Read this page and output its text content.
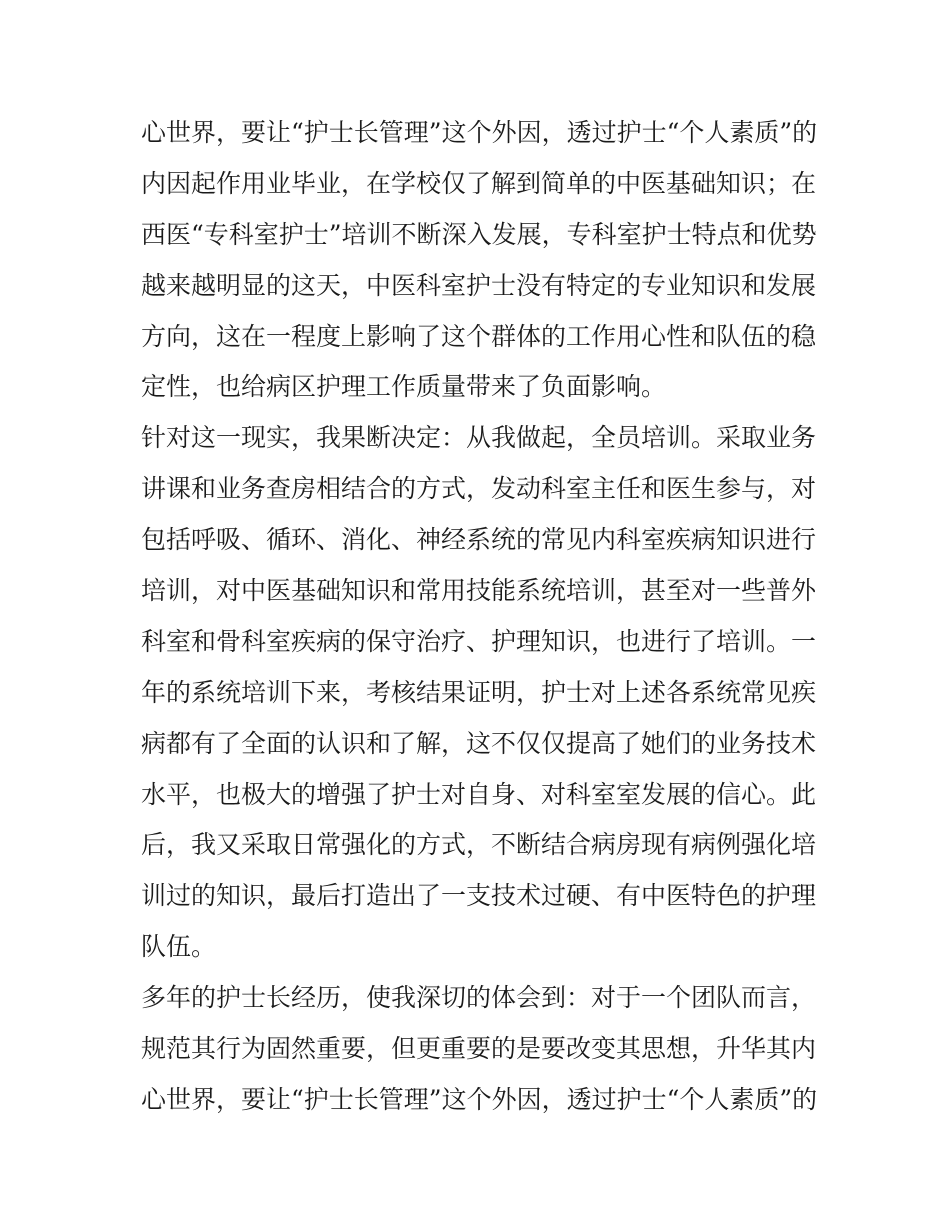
心世界，要让“护士长管理”这个外因，透过护士“个人素质”的
内因起作用业毕业，在学校仅了解到简单的中医基础知识；在
西医“专科室护士”培训不断深入发展，专科室护士特点和优势
越来越明显的这天，中医科室护士没有特定的专业知识和发展
方向，这在一程度上影响了这个群体的工作用心性和队伍的稳
定性，也给病区护理工作质量带来了负面影响。
针对这一现实，我果断决定：从我做起，全员培训。采取业务
讲课和业务查房相结合的方式，发动科室主任和医生参与，对
包括呼吸、循环、消化、神经系统的常见内科室疾病知识进行
培训，对中医基础知识和常用技能系统培训，甚至对一些普外
科室和骨科室疾病的保守治疗、护理知识，也进行了培训。一
年的系统培训下来，考核结果证明，护士对上述各系统常见疾
病都有了全面的认识和了解，这不仅仅提高了她们的业务技术
水平，也极大的增强了护士对自身、对科室室发展的信心。此
后，我又采取日常强化的方式，不断结合病房现有病例强化培
训过的知识，最后打造出了一支技术过硬、有中医特色的护理
队伍。
多年的护士长经历，使我深切的体会到：对于一个团队而言，
规范其行为固然重要，但更重要的是要改变其思想，升华其内
心世界，要让“护士长管理”这个外因，透过护士“个人素质”的
